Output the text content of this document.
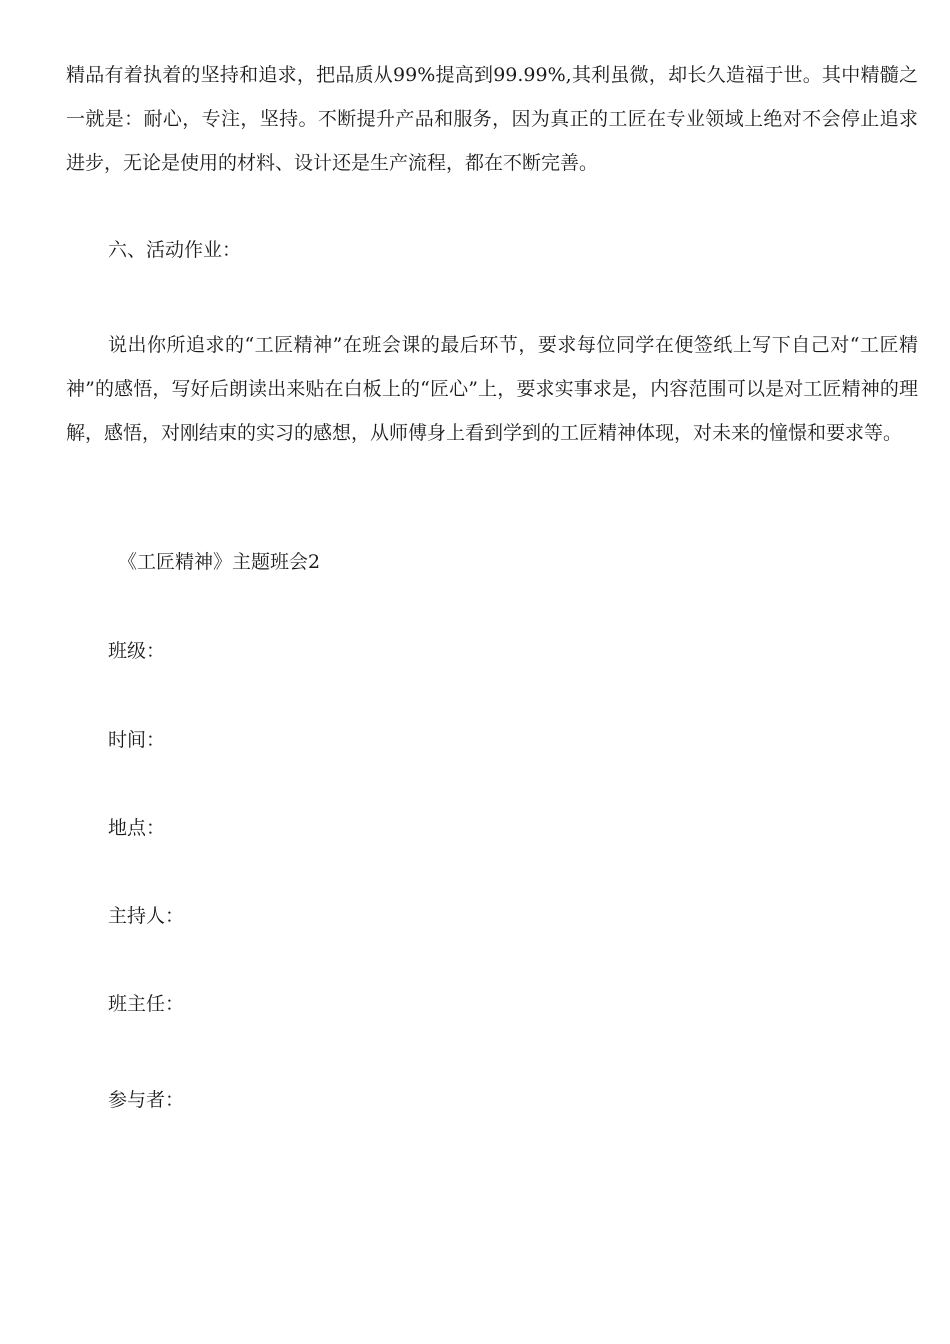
精品有着执着的坚持和追求，把品质从99%提高到99.99%,其利虽微，却长久造福于世。其中精髓之一就是：耐心，专注，坚持。不断提升产品和服务，因为真正的工匠在专业领域上绝对不会停止追求进步，无论是使用的材料、设计还是生产流程，都在不断完善。

六、活动作业：

说出你所追求的“工匠精神”在班会课的最后环节，要求每位同学在便签纸上写下自己对“工匠精神”的感悟，写好后朗读出来贴在白板上的“匠心”上，要求实事求是，内容范围可以是对工匠精神的理解，感悟，对刚结束的实习的感想，从师傅身上看到学到的工匠精神体现，对未来的憧憬和要求等。

《工匠精神》主题班会2

班级：

时间：

地点：

主持人：

班主任：

参与者：
